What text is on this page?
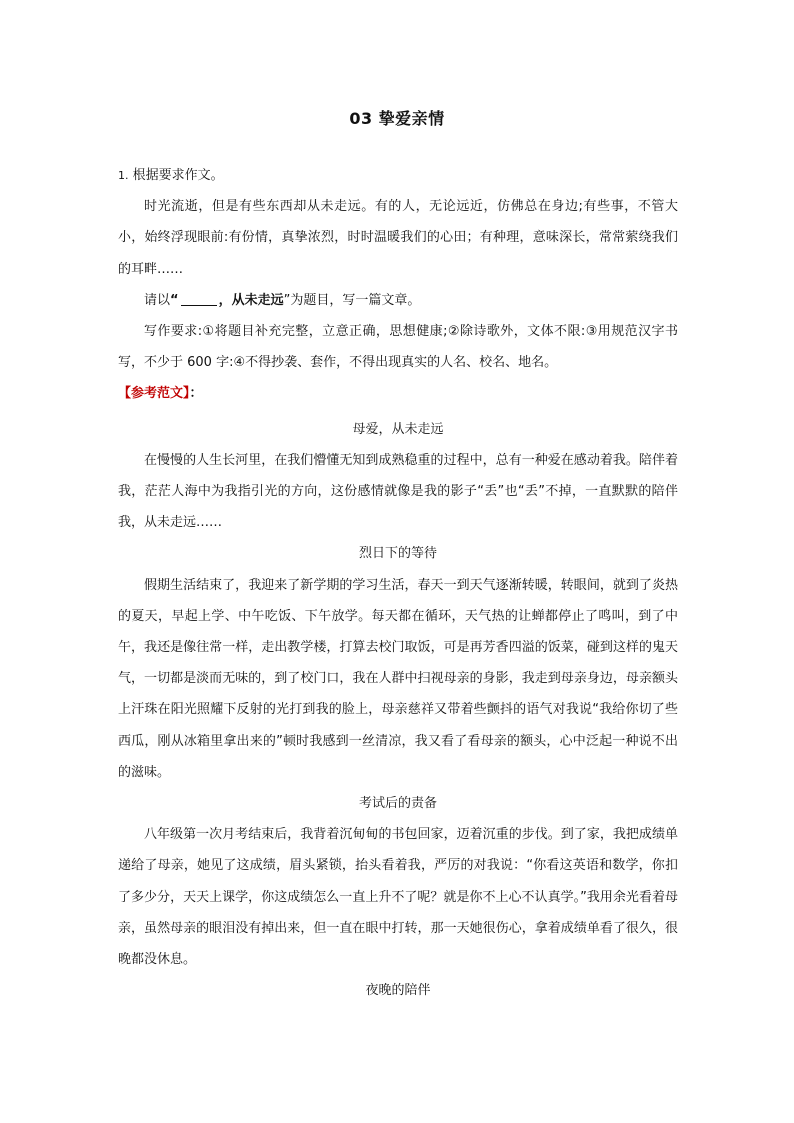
03 挚爱亲情

1. 根据要求作文。

时光流逝，但是有些东西却从未走远。有的人，无论远近，仿佛总在身边;有些事，不管大小，始终浮现眼前:有份情，真挚浓烈，时时温暖我们的心田；有种理，意味深长，常常萦绕我们的耳畔……

请以“	，从未走远”为题目，写一篇文章。

写作要求:①将题目补充完整，立意正确，思想健康;②除诗歌外，文体不限:③用规范汉字书写，不少于 600 字:④不得抄袭、套作，不得出现真实的人名、校名、地名。

【参考范文】：

母爱，从未走远

在慢慢的人生长河里，在我们懵懂无知到成熟稳重的过程中，总有一种爱在感动着我。陪伴着我，茫茫人海中为我指引光的方向，这份感情就像是我的影子“丢”也“丢”不掉，一直默默的陪伴我，从未走远……

烈日下的等待

假期生活结束了，我迎来了新学期的学习生活，春天一到天气逐渐转暖，转眼间，就到了炎热的夏天，早起上学、中午吃饭、下午放学。每天都在循环，天气热的让蝉都停止了鸣叫，到了中午，我还是像往常一样，走出教学楼，打算去校门取饭，可是再芳香四溢的饭菜，碰到这样的鬼天气，一切都是淡而无味的，到了校门口，我在人群中扫视母亲的身影，我走到母亲身边，母亲额头上汗珠在阳光照耀下反射的光打到我的脸上，母亲慈祥又带着些颤抖的语气对我说“我给你切了些西瓜，刚从冰箱里拿出来的”顿时我感到一丝清凉，我又看了看母亲的额头，心中泛起一种说不出的滋味。

考试后的责备

八年级第一次月考结束后，我背着沉甸甸的书包回家，迈着沉重的步伐。到了家，我把成绩单递给了母亲，她见了这成绩，眉头紧锁，抬头看着我，严厉的对我说：“你看这英语和数学，你扣了多少分，天天上课学，你这成绩怎么一直上升不了呢？就是你不上心不认真学。”我用余光看着母亲，虽然母亲的眼泪没有掉出来，但一直在眼中打转，那一天她很伤心，拿着成绩单看了很久，很晚都没休息。

夜晚的陪伴
